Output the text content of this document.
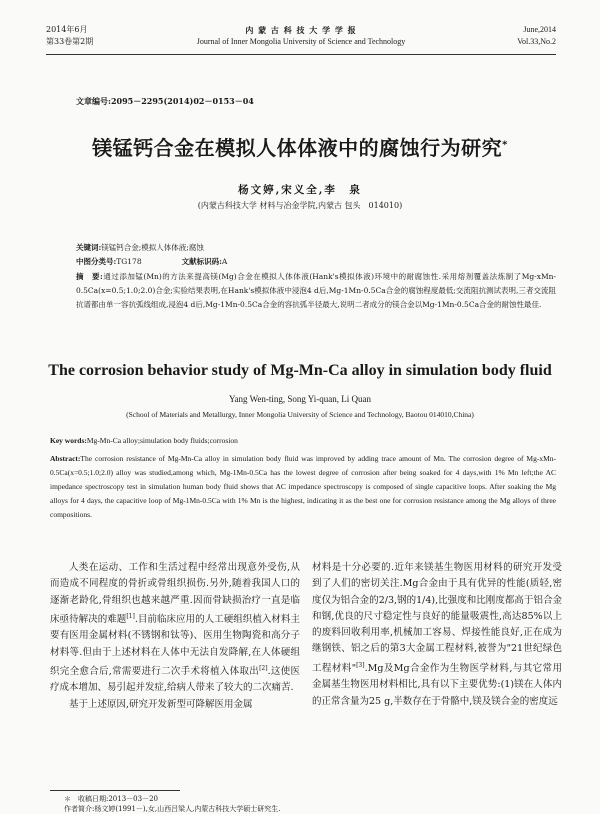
2014年6月
第33卷第2期
内 蒙 古 科 技 大 学 学 报
Journal of Inner Mongolia University of Science and Technology
June,2014
Vol.33,No.2
文章编号:2095－2295(2014)02－0153－04
镁锰钙合金在模拟人体体液中的腐蚀行为研究*
杨文婷,宋义全,李　泉
(内蒙古科技大学 材料与冶金学院,内蒙古 包头　014010)
关键词:镁锰钙合金;模拟人体体液;腐蚀
中图分类号:TG178	文献标识码:A
摘　要:通过添加锰(Mn)的方法来提高镁(Mg)合金在模拟人体体液(Hank's模拟体液)环境中的耐腐蚀性.采用熔剂覆盖法炼制了Mg-xMn-0.5Ca(x=0.5;1.0;2.0)合金;实验结果表明,在Hank's模拟体液中浸泡4 d后,Mg-1Mn-0.5Ca合金的腐蚀程度最低;交流阻抗测试表明,三者交流阻抗谱都由单一容抗弧线组成,浸泡4 d后,Mg-1Mn-0.5Ca合金的容抗弧半径最大,说明二者成分的镁合金以Mg-1Mn-0.5Ca合金的耐蚀性最佳.
The corrosion behavior study of Mg-Mn-Ca alloy in simulation body fluid
Yang Wen-ting, Song Yi-quan, Li Quan
(School of Materials and Metallurgy, Inner Mongolia University of Science and Technology, Baotou 014010,China)
Key words:Mg-Mn-Ca alloy;simulation body fluids;corrosion
Abstract:The corrosion resistance of Mg-Mn-Ca alloy in simulation body fluid was improved by adding trace amount of Mn. The corrosion degree of Mg-xMn-0.5Ca(x=0.5;1.0;2.0) alloy was studied,among which, Mg-1Mn-0.5Ca has the lowest degree of corrosion after being soaked for 4 days,with 1% Mn left;the AC impedance spectroscopy test in simulation human body fluid shows that AC impedance spectroscopy is composed of single capacitive loops. After soaking the Mg alloys for 4 days, the capacitive loop of Mg-1Mn-0.5Ca with 1% Mn is the highest, indicating it as the best one for corrosion resistance among the Mg alloys of three compositions.

人类在运动、工作和生活过程中经常出现意外受伤,从而造成不同程度的骨折或骨组织损伤.另外,随着我国人口的逐渐老龄化,骨组织也越来越严重.因而骨缺损治疗一直是临床亟待解决的难题[1].目前临床应用的人工硬组织植入材料主要有医用金属材料(不锈钢和钛等)、医用生物陶瓷和高分子材料等.但由于上述材料在人体中无法自发降解,在人体硬组织完全愈合后,常需要进行二次手术将植入体取出[2].这使医疗成本增加、易引起并发症,给病人带来了较大的二次痛苦.

基于上述原因,研究开发新型可降解医用金属

材料是十分必要的.近年来镁基生物医用材料的研究开发受到了人们的密切关注.Mg合金由于具有优异的性能(质轻,密度仅为铝合金的2/3,钢的1/4),比强度和比刚度都高于铝合金和钢,优良的尺寸稳定性与良好的能量吸震性,高达85%以上的废料回收利用率,机械加工容易、焊接性能良好,正在成为继钢铁、铝之后的第3大金属工程材料,被誉为"21世纪绿色工程材料"[3].Mg及Mg合金作为生物医学材料,与其它常用金属基生物医用材料相比,具有以下主要优势:(1)镁在人体内的正常含量为25 g,半数存在于骨骼中,镁及镁合金的密度远

＊　收稿日期:2013－03－20
作者简介:杨文婷(1991－),女,山西吕梁人,内蒙古科技大学硕士研究生.
